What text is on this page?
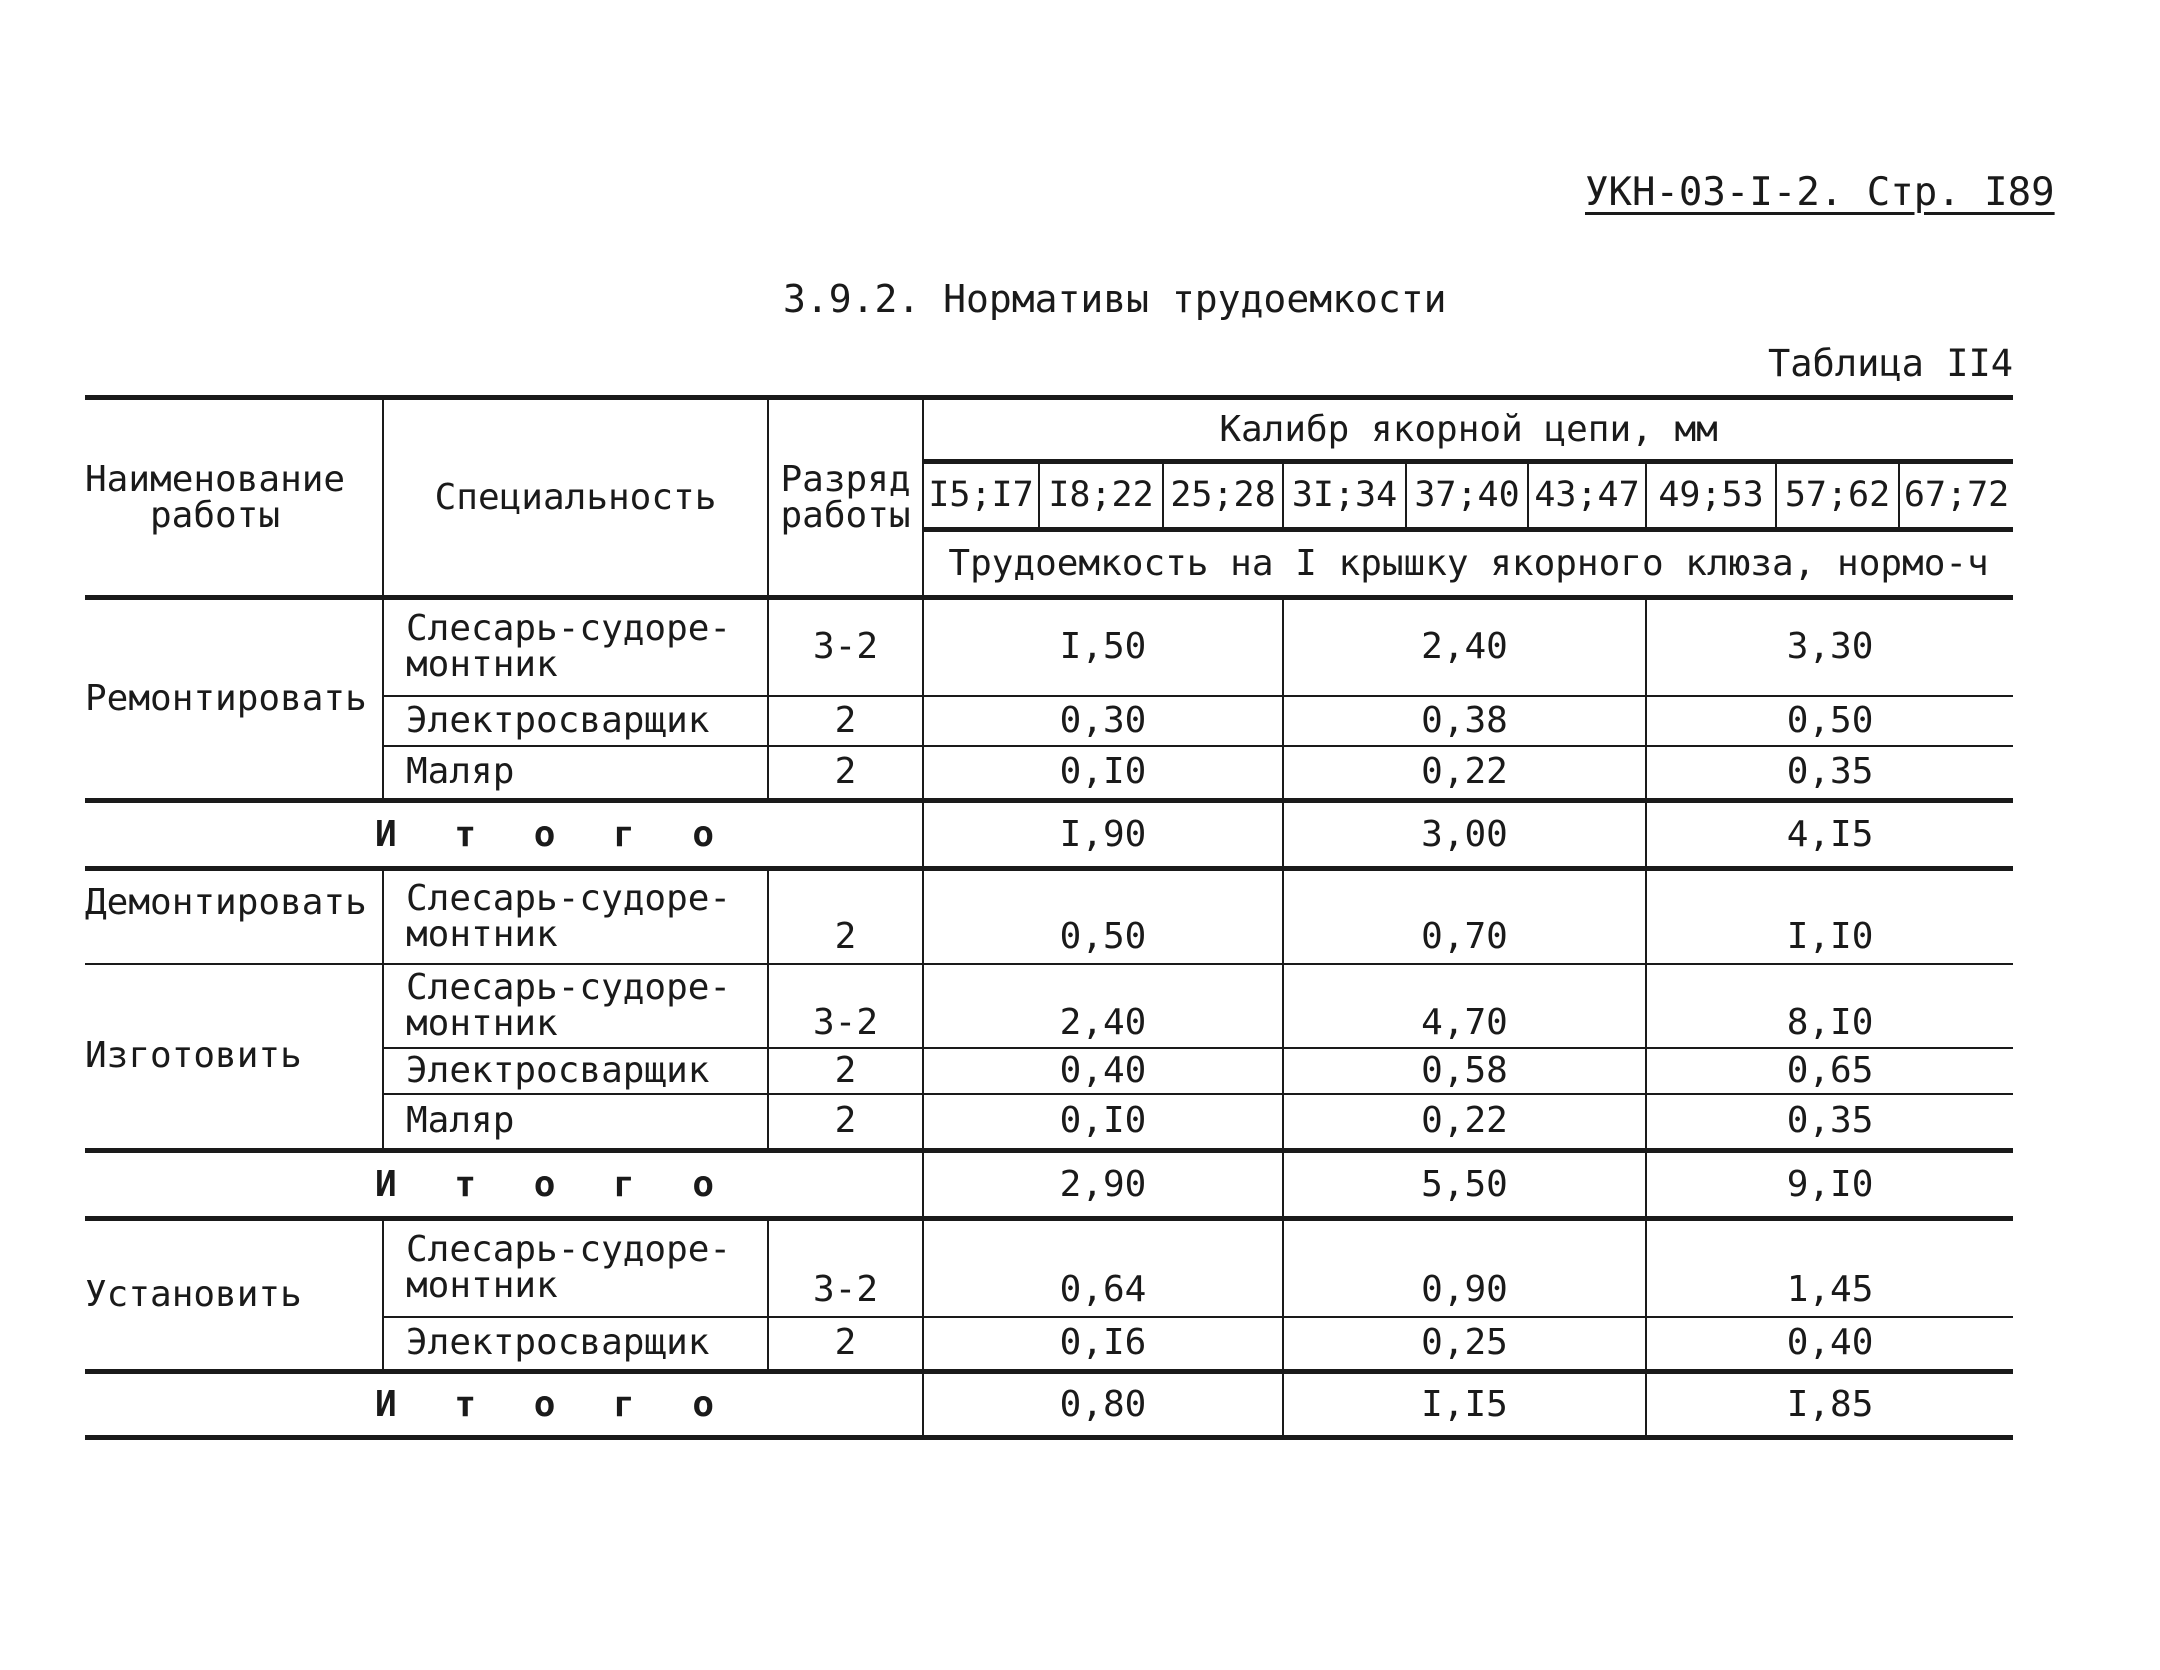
УКН-03-I-2. Стр. I89
3.9.2. Нормативы трудоемкости
Таблица II4
Наименование работы	Специальность	Разряд работы	Калибр якорной цепи, мм								
			I5;I7	I8;22	25;28	3I;34	37;40	43;47	49;53	57;62	67;72
			Трудоемкость на I крышку якорного клюза, нормо-ч								
Ремонтировать	Слесарь-судоре- монтник	3-2	I,50			2,40			3,30		
	Электросварщик	2	0,30			0,38			0,50		
	Маляр	2	0,I0			0,22			0,35		
И т о г о			I,90			3,00			4,I5		
Демонтировать	Слесарь-судоре- монтник	2	0,50			0,70			I,I0		
Изготовить	Слесарь-судоре- монтник	3-2	2,40			4,70			8,I0		
	Электросварщик	2	0,40			0,58			0,65		
	Маляр	2	0,I0			0,22			0,35		
И т о г о			2,90			5,50			9,I0		
Установить	Слесарь-судоре- монтник	3-2	0,64			0,90			1,45		
	Электросварщик	2	0,I6			0,25			0,40		
И т о г о			0,80			I,I5			I,85		
